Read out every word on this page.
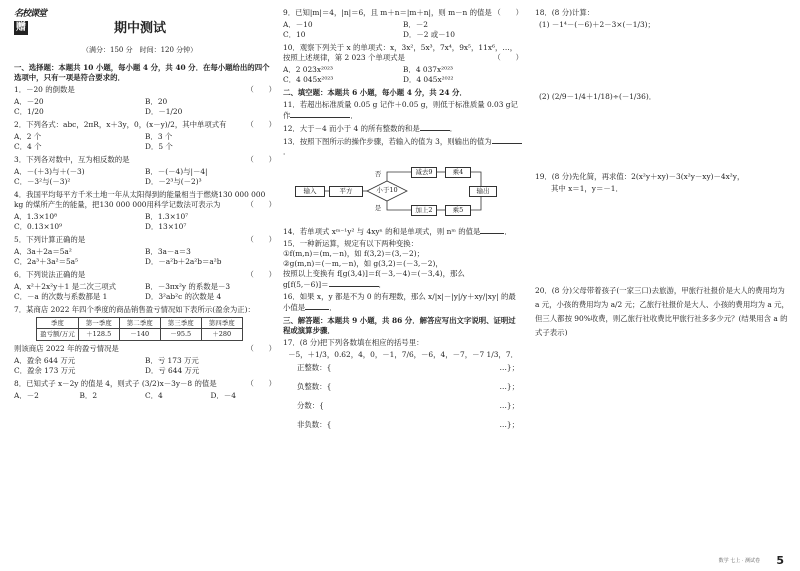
名校课堂
赠	期中测试
（满分：150 分　时间：120 分钟）
一、选择题：本题共 10 小题，每小题 4 分，共 40 分．在每小题给出的四个选项中，只有一项是符合要求的．
1．－20 的倒数是	（　　）
A．－20	B．20
C．1/20	D．－1/20
2．下列各式：abc，2πR，x＋3y，0，(x－y)/2，其中单项式有	（　　）
A．2 个	B．3 个
C．4 个	D．5 个
3．下列各对数中，互为相反数的是	（　　）
A．－(＋3)与＋(－3)	B．－(－4)与|－4|
C．－3²与(－3)²	D．－2³与(－2)³
4．我国平均每平方千米土地一年从太阳得到的能量相当于燃烧130 000 000 kg 的煤所产生的能量，把130 000 000用科学记数法可表示为	（　　）
A．1.3×10⁸	B．1.3×10⁷
C．0.13×10⁹	D．13×10⁷
5．下列计算正确的是	（　　）
A．3a＋2a＝5a²	B．3a－a＝3
C．2a³＋3a²＝5a⁵	D．－a²b＋2a²b＝a²b
6．下列说法正确的是	（　　）
A．x²＋2x²y＋1 是二次三项式	B．－3πx²y 的系数是－3
C．－a 的次数与系数都是 1	D．3²ab²c 的次数是 4
7．某商店 2022 年四个季度的商品销售盈亏情况如下表所示(盈余为正)：
季度	第一季度	第二季度	第三季度	第四季度
盈亏额/万元	＋128.5	－140	－95.5	＋280
则该商店 2022 年的盈亏情况是	（　　）
A．盈余 644 万元	B．亏 173 万元
C．盈余 173 万元	D．亏 644 万元
8．已知式子 x－2y 的值是 4，则式子 (3/2)x－3y－8 的值是	（　　）
A．－2	B．2	C．4	D．－4
9．已知|m|＝4，|n|＝6，且 m＋n＝|m＋n|，则 m－n 的值是 （　　）
A．－10	B．－2
C．10	D．－2 或－10
10．观察下列关于 x 的单项式：x，3x²，5x³，7x⁴，9x⁵，11x⁶，…，按照上述规律，第 2 023 个单项式是	（　　）
A．2 023x²⁰²³	B．4 037x²⁰²³
C．4 045x²⁰²³	D．4 045x²⁰²²
二、填空题：本题共 6 小题，每小题 4 分，共 24 分．
11．若超出标准质量 0.05 g 记作＋0.05 g，则低于标准质量 0.03 g记作	．
12．大于－4 而小于 4 的所有整数的和是	．
13．按照下图所示的操作步骤，若输入的值为 3，则输出的值为．
输入	平方	小于10
否
是
减去9	乘4
加上2	乘5
输出
14．若单项式 xᵐ⁻¹y² 与 4xyⁿ 的和是单项式，则 nᵐ 的值是	．
15．一种新运算，规定有以下两种变换：
①f(m,n)＝(m,－n)，如 f(3,2)＝(3,－2)；
②g(m,n)＝(－m,－n)，如 g(3,2)＝(－3,－2)，
按照以上变换有 f[g(3,4)]＝f(－3,－4)＝(－3,4)，那么
g[f(5,－6)]＝	．
16．如果 x，y 都是不为 0 的有理数，那么 x/|x|－|y|/y＋xy/|xy| 的最小值是	．
三、解答题：本题共 9 小题，共 86 分．解答应写出文字说明、证明过程或演算步骤．
17．(8 分)把下列各数填在相应的括号里：
－5，＋1/3，0.62，4，0，－1，7/6，－6，4，－7，－7 1/3，7．
正整数：{	…}；
负整数：{	…}；
分数：{	…}；
非负数：{	…}；
18．(8 分)计算：
(1) －1⁴－(－6)＋2－3×(－1/3)；
(2) (2/9－1/4＋1/18)÷(－1/36)．
19．(8 分)先化简，再求值：2(x²y＋xy)－3(x²y－xy)－4x²y，
其中 x＝1，y＝－1．
20．(8 分)父母带着孩子(一家三口)去旅游，甲旅行社报价是大人的费用均为 a 元，小孩的费用均为 a/2 元；乙旅行社报价是大人、小孩的费用均为 a 元，但三人都按 90%收费，则乙旅行社收费比甲旅行社多多少元？(结果用含 a 的式子表示)
数学 七上 · 测试卷 5
